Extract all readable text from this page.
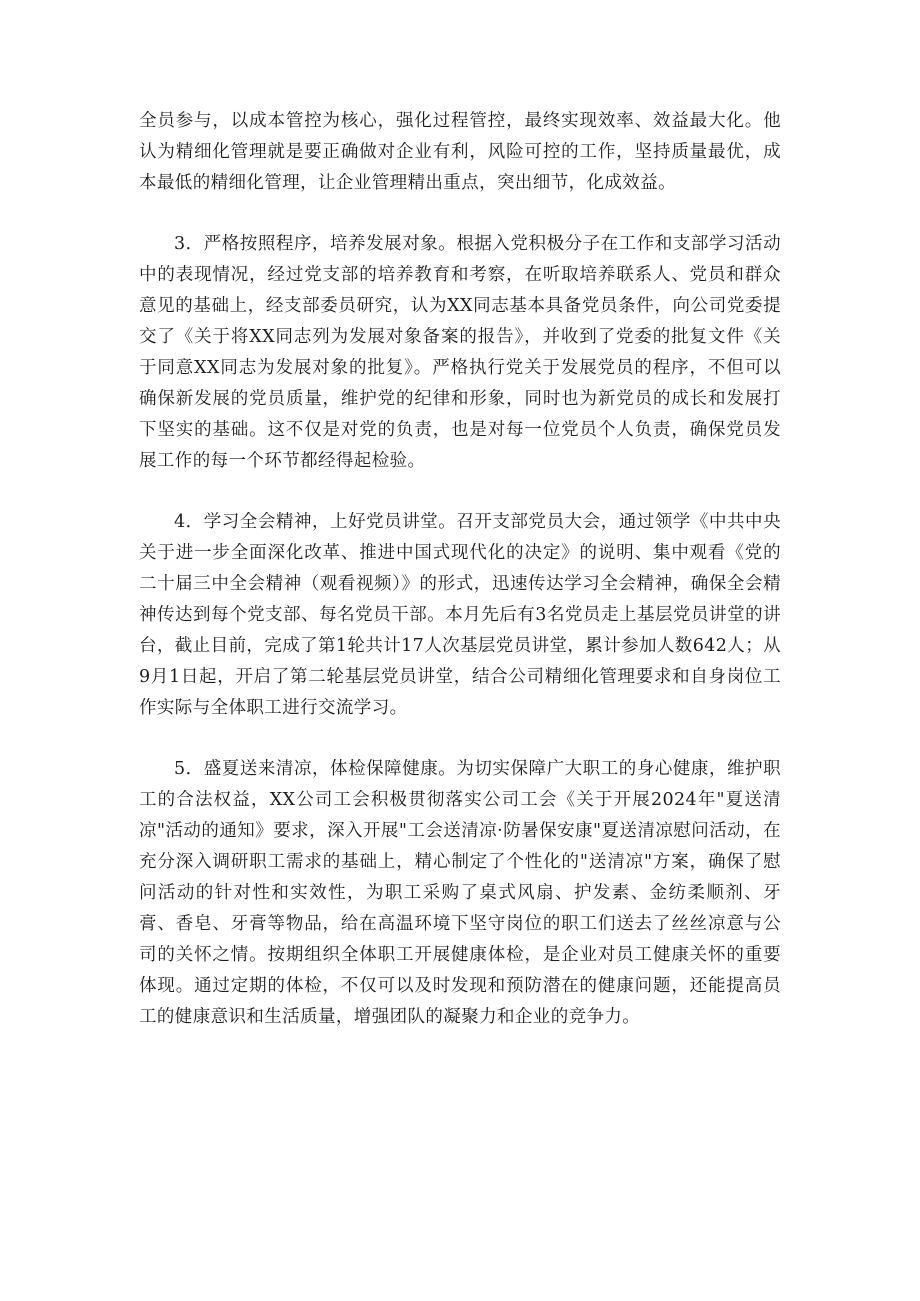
全员参与，以成本管控为核心，强化过程管控，最终实现效率、效益最大化。他认为精细化管理就是要正确做对企业有利，风险可控的工作，坚持质量最优，成本最低的精细化管理，让企业管理精出重点，突出细节，化成效益。

3．严格按照程序，培养发展对象。根据入党积极分子在工作和支部学习活动中的表现情况，经过党支部的培养教育和考察，在听取培养联系人、党员和群众意见的基础上，经支部委员研究，认为XX同志基本具备党员条件，向公司党委提交了《关于将XX同志列为发展对象备案的报告》，并收到了党委的批复文件《关于同意XX同志为发展对象的批复》。严格执行党关于发展党员的程序，不但可以确保新发展的党员质量，维护党的纪律和形象，同时也为新党员的成长和发展打下坚实的基础。这不仅是对党的负责，也是对每一位党员个人负责，确保党员发展工作的每一个环节都经得起检验。

4．学习全会精神，上好党员讲堂。召开支部党员大会，通过领学《中共中央关于进一步全面深化改革、推进中国式现代化的决定》的说明、集中观看《党的二十届三中全会精神（观看视频）》的形式，迅速传达学习全会精神，确保全会精神传达到每个党支部、每名党员干部。本月先后有3名党员走上基层党员讲堂的讲台，截止目前，完成了第1轮共计17人次基层党员讲堂，累计参加人数642人；从9月1日起，开启了第二轮基层党员讲堂，结合公司精细化管理要求和自身岗位工作实际与全体职工进行交流学习。

5．盛夏送来清凉，体检保障健康。为切实保障广大职工的身心健康，维护职工的合法权益，XX公司工会积极贯彻落实公司工会《关于开展2024年"夏送清凉"活动的通知》要求，深入开展"工会送清凉·防暑保安康"夏送清凉慰问活动，在充分深入调研职工需求的基础上，精心制定了个性化的"送清凉"方案，确保了慰问活动的针对性和实效性，为职工采购了桌式风扇、护发素、金纺柔顺剂、牙膏、香皂、牙膏等物品，给在高温环境下坚守岗位的职工们送去了丝丝凉意与公司的关怀之情。按期组织全体职工开展健康体检，是企业对员工健康关怀的重要体现。通过定期的体检，不仅可以及时发现和预防潜在的健康问题，还能提高员工的健康意识和生活质量，增强团队的凝聚力和企业的竞争力。
